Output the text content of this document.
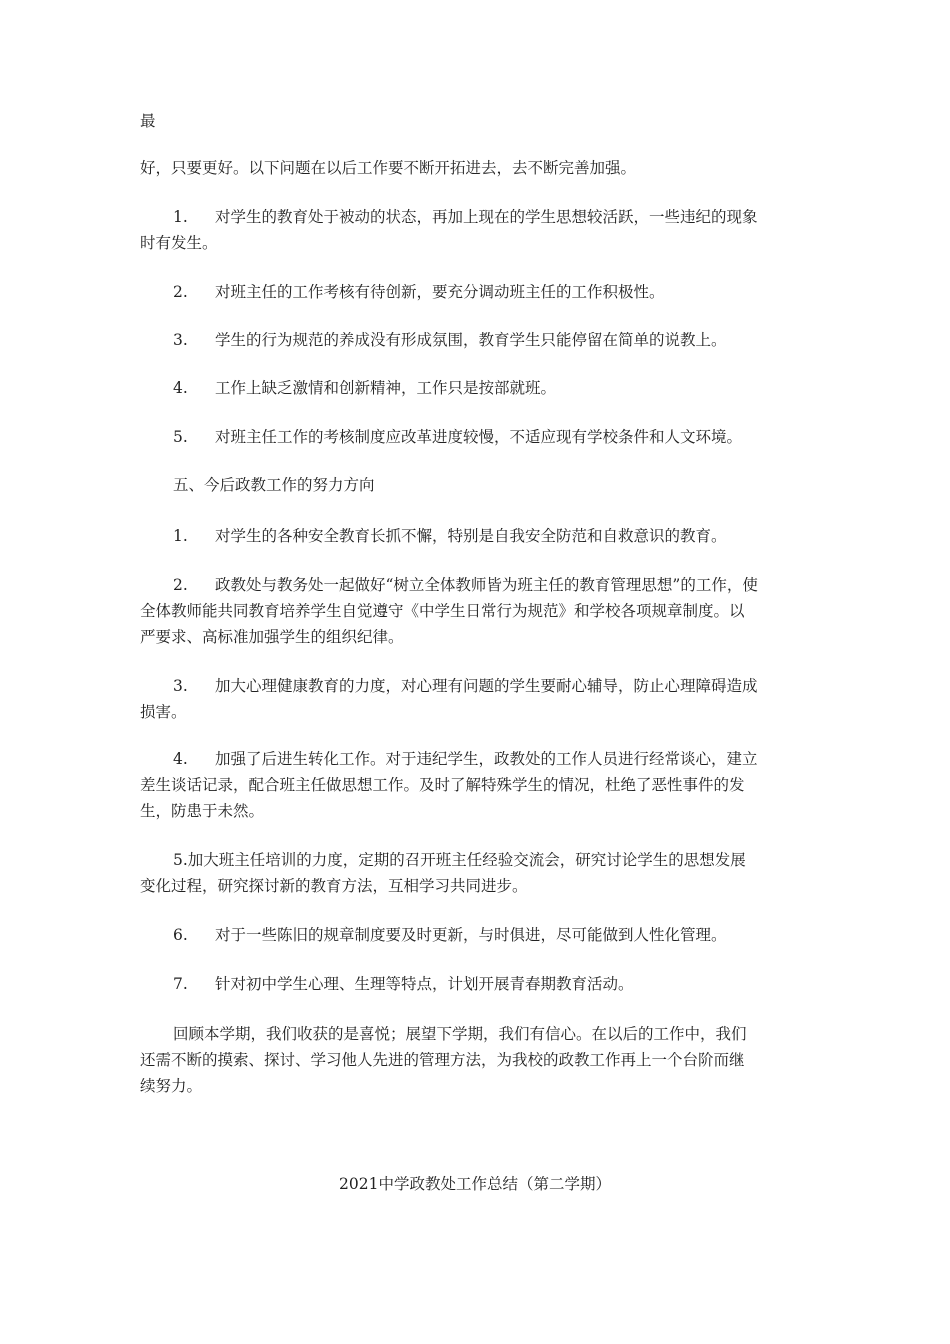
最
好，只要更好。以下问题在以后工作要不断开拓进去，去不断完善加强。
1. 对学生的教育处于被动的状态，再加上现在的学生思想较活跃，一些违纪的现象
时有发生。
2. 对班主任的工作考核有待创新，要充分调动班主任的工作积极性。
3. 学生的行为规范的养成没有形成氛围，教育学生只能停留在简单的说教上。
4. 工作上缺乏激情和创新精神，工作只是按部就班。
5. 对班主任工作的考核制度应改革进度较慢，不适应现有学校条件和人文环境。
五、今后政教工作的努力方向
1. 对学生的各种安全教育长抓不懈，特别是自我安全防范和自救意识的教育。
2. 政教处与教务处一起做好“树立全体教师皆为班主任的教育管理思想”的工作，使
全体教师能共同教育培养学生自觉遵守《中学生日常行为规范》和学校各项规章制度。以
严要求、高标准加强学生的组织纪律。
3. 加大心理健康教育的力度，对心理有问题的学生要耐心辅导，防止心理障碍造成
损害。
4. 加强了后进生转化工作。对于违纪学生，政教处的工作人员进行经常谈心，建立
差生谈话记录，配合班主任做思想工作。及时了解特殊学生的情况，杜绝了恶性事件的发
生，防患于未然。
5.加大班主任培训的力度，定期的召开班主任经验交流会，研究讨论学生的思想发展
变化过程，研究探讨新的教育方法，互相学习共同进步。
6. 对于一些陈旧的规章制度要及时更新，与时俱进，尽可能做到人性化管理。
7. 针对初中学生心理、生理等特点，计划开展青春期教育活动。
回顾本学期，我们收获的是喜悦；展望下学期，我们有信心。在以后的工作中，我们
还需不断的摸索、探讨、学习他人先进的管理方法，为我校的政教工作再上一个台阶而继
续努力。
2021中学政教处工作总结（第二学期）
